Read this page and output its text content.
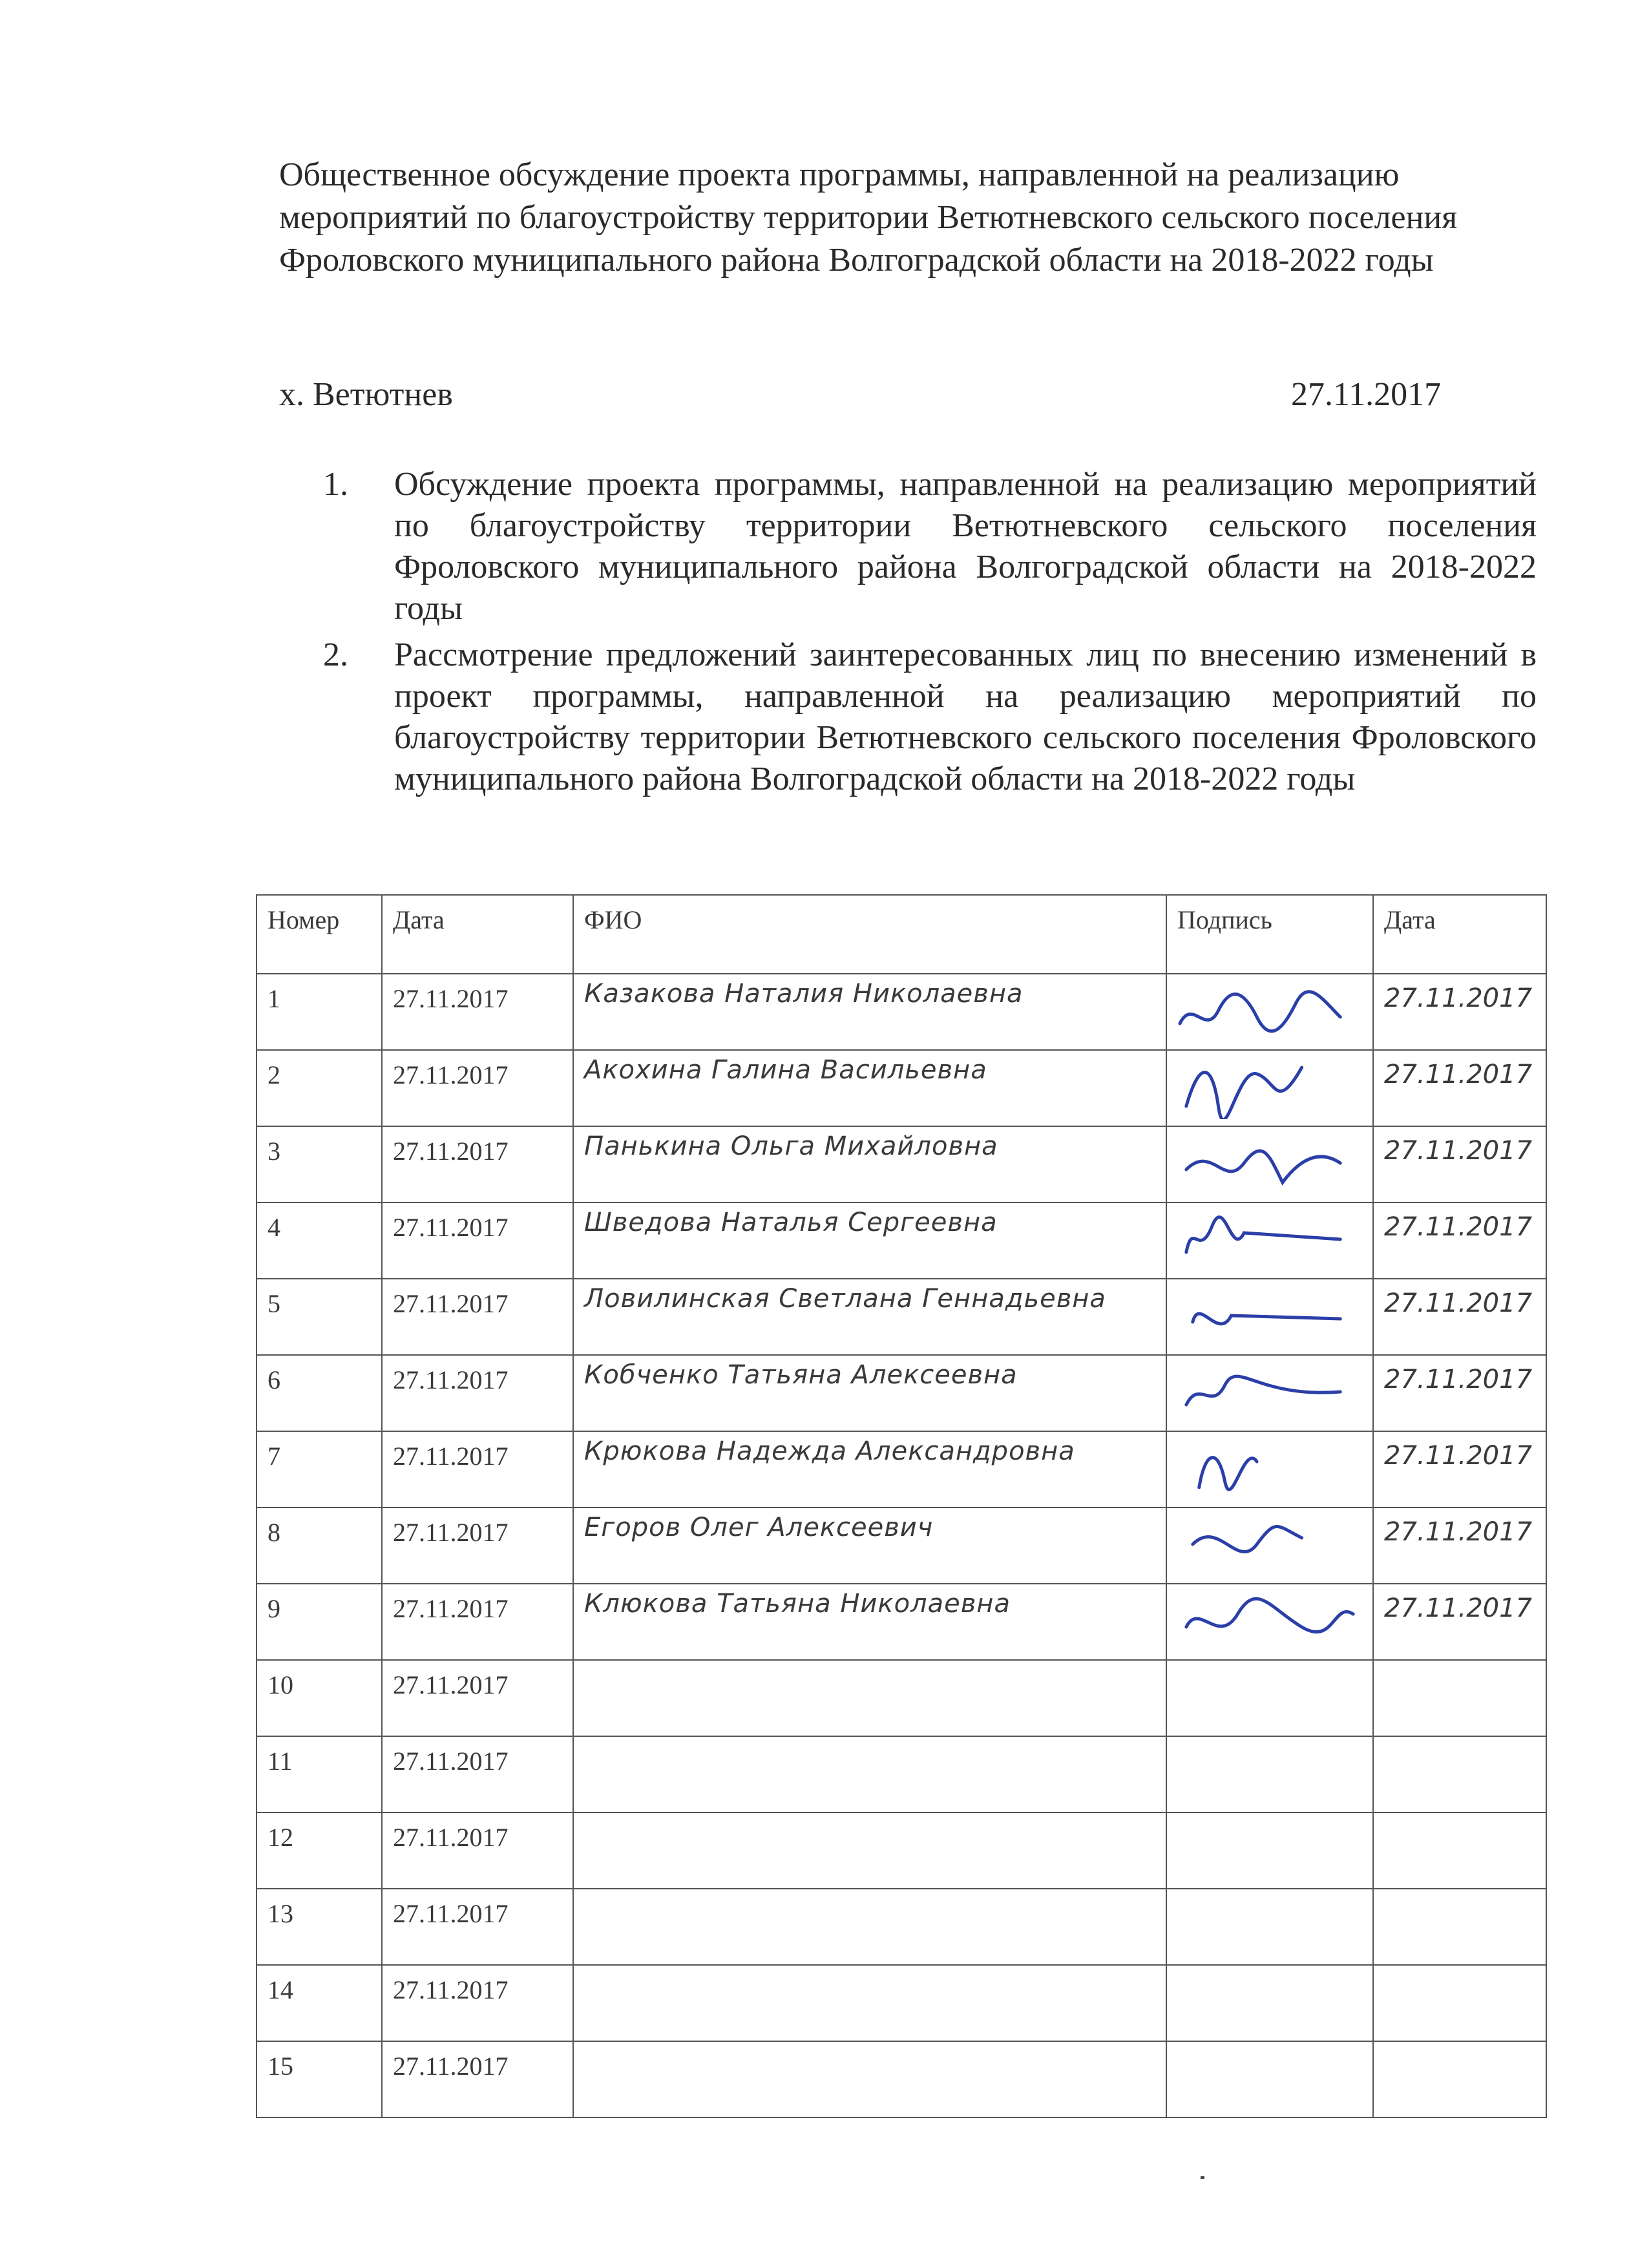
Общественное обсуждение проекта программы, направленной на реализацию мероприятий по благоустройству территории Ветютневского сельского поселения Фроловского муниципального района Волгоградской области на 2018-2022 годы
х. Ветютнев	27.11.2017
1. Обсуждение проекта программы, направленной на реализацию мероприятий по благоустройству территории Ветютневского сельского поселения Фроловского муниципального района Волгоградской области на 2018-2022 годы
2. Рассмотрение предложений заинтересованных лиц по внесению изменений в проект программы, направленной на реализацию мероприятий по благоустройству территории Ветютневского сельского поселения Фроловского муниципального района Волгоградской области на 2018-2022 годы
Номер	Дата	ФИО	Подпись	Дата
1	27.11.2017	Казакова Наталия Николаевна		27.11.2017
2	27.11.2017	Акохина Галина Васильевна		27.11.2017
3	27.11.2017	Панькина Ольга Михайловна		27.11.2017
4	27.11.2017	Шведова Наталья Сергеевна		27.11.2017
5	27.11.2017	Ловилинская Светлана Геннадьевна		27.11.2017
6	27.11.2017	Кобченко Татьяна Алексеевна		27.11.2017
7	27.11.2017	Крюкова Надежда Александровна		27.11.2017
8	27.11.2017	Егоров Олег Алексеевич		27.11.2017
9	27.11.2017	Клюкова Татьяна Николаевна		27.11.2017
10	27.11.2017			
11	27.11.2017			
12	27.11.2017			
13	27.11.2017			
14	27.11.2017			
15	27.11.2017			
